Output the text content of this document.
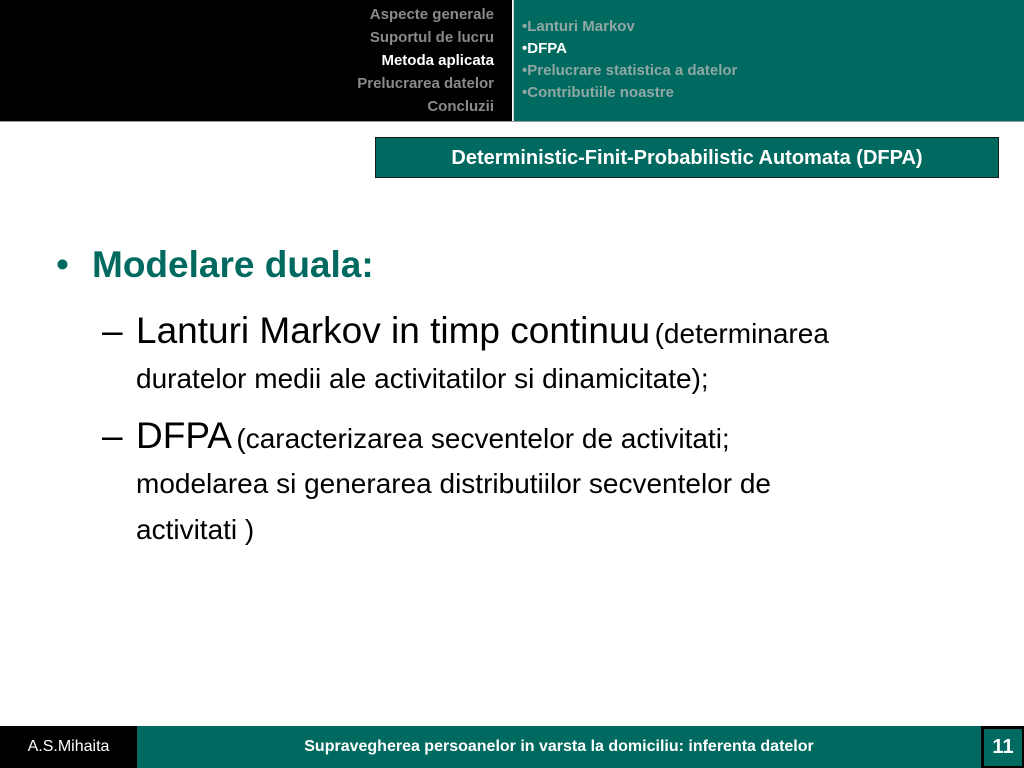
Aspecte generale
Suportul de lucru
Metoda aplicata
Prelucrarea datelor
Concluzii
• Lanturi Markov
• DFPA
• Prelucrare statistica a datelor
• Contributiile noastre
Deterministic-Finit-Probabilistic Automata (DFPA)
• Modelare duala:
– Lanturi Markov in timp continuu (determinarea
duratelor medii ale activitatilor si dinamicitate);
– DFPA (caracterizarea secventelor de activitati;
modelarea si generarea distributiilor secventelor de
activitati )
A.S.Mihaita	Supravegherea persoanelor in varsta la domiciliu: inferenta datelor	11
